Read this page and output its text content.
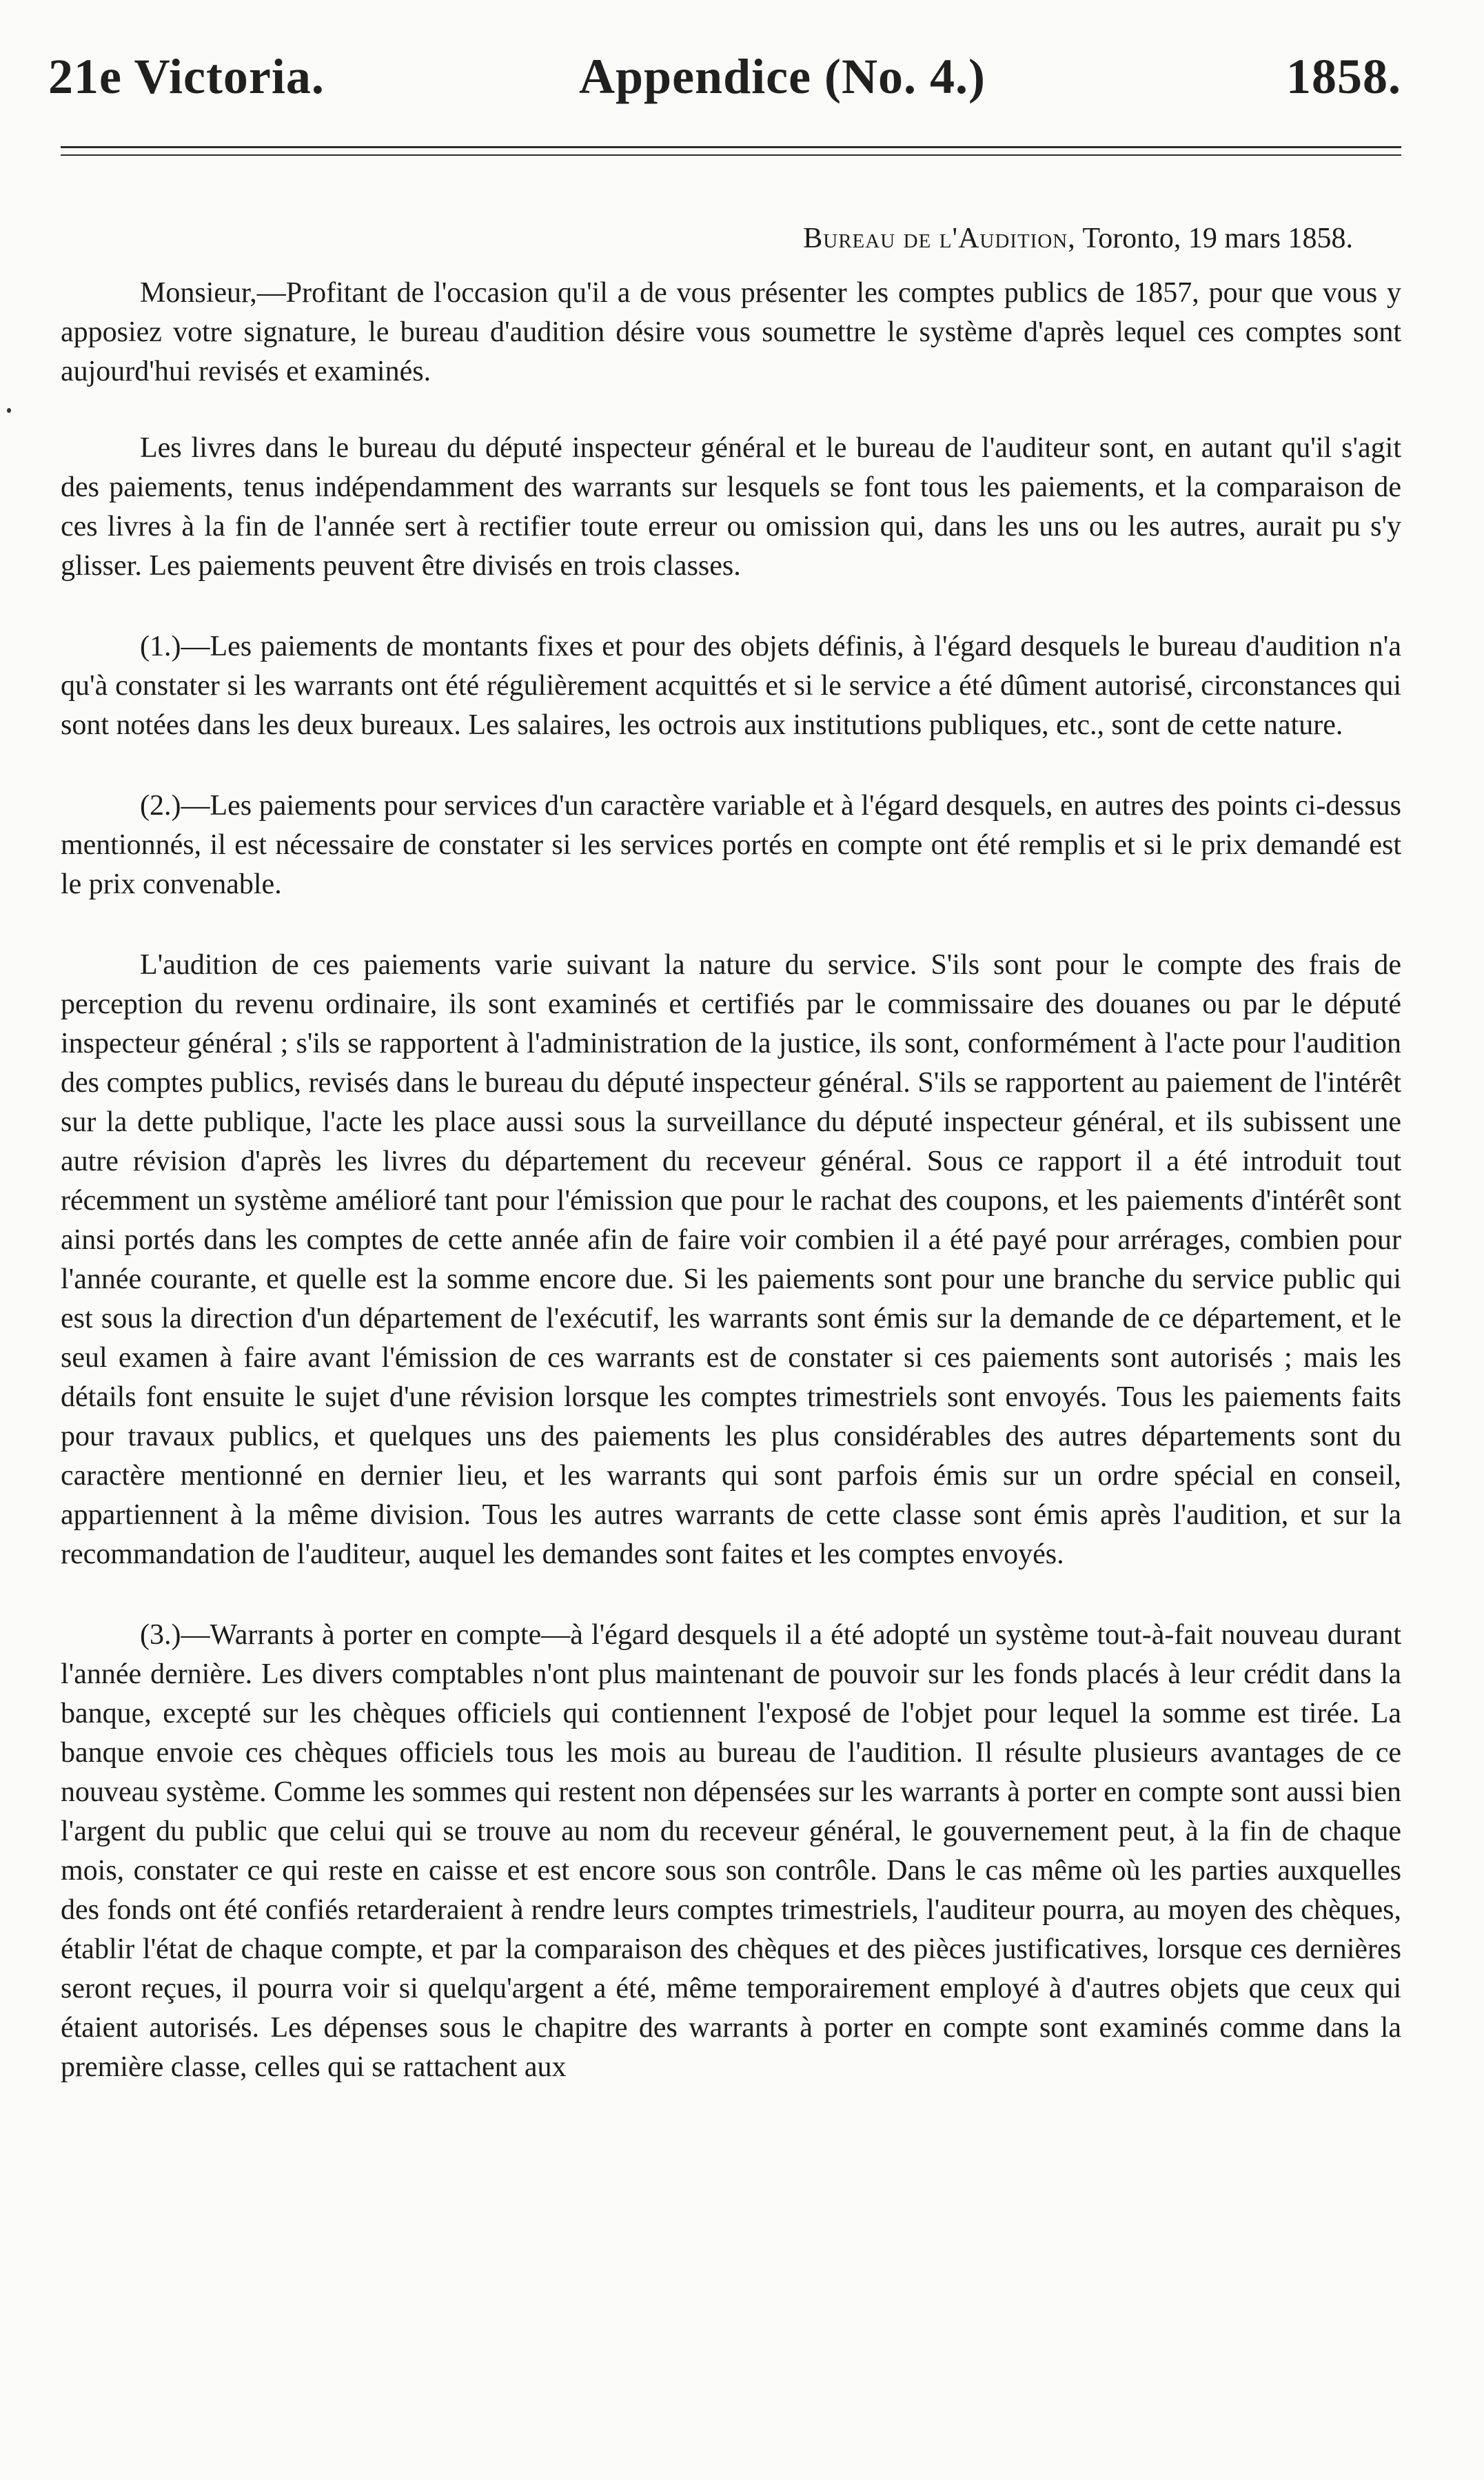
21e Victoria.	Appendice (No. 4.)	1858.
Bureau de l'Audition, Toronto, 19 mars 1858.

Monsieur,—Profitant de l'occasion qu'il a de vous présenter les comptes publics de 1857, pour que vous y apposiez votre signature, le bureau d'audition désire vous soumettre le système d'après lequel ces comptes sont aujourd'hui revisés et examinés.

Les livres dans le bureau du député inspecteur général et le bureau de l'auditeur sont, en autant qu'il s'agit des paiements, tenus indépendamment des warrants sur lesquels se font tous les paiements, et la comparaison de ces livres à la fin de l'année sert à rectifier toute erreur ou omission qui, dans les uns ou les autres, aurait pu s'y glisser. Les paiements peuvent être divisés en trois classes.

(1.)—Les paiements de montants fixes et pour des objets définis, à l'égard desquels le bureau d'audition n'a qu'à constater si les warrants ont été régulièrement acquittés et si le service a été dûment autorisé, circonstances qui sont notées dans les deux bureaux. Les salaires, les octrois aux institutions publiques, etc., sont de cette nature.

(2.)—Les paiements pour services d'un caractère variable et à l'égard desquels, en autres des points ci-dessus mentionnés, il est nécessaire de constater si les services portés en compte ont été remplis et si le prix demandé est le prix convenable.

L'audition de ces paiements varie suivant la nature du service. S'ils sont pour le compte des frais de perception du revenu ordinaire, ils sont examinés et certifiés par le commissaire des douanes ou par le député inspecteur général ; s'ils se rapportent à l'administration de la justice, ils sont, conformément à l'acte pour l'audition des comptes publics, revisés dans le bureau du député inspecteur général. S'ils se rapportent au paiement de l'intérêt sur la dette publique, l'acte les place aussi sous la surveillance du député inspecteur général, et ils subissent une autre révision d'après les livres du département du receveur général. Sous ce rapport il a été introduit tout récemment un système amélioré tant pour l'émission que pour le rachat des coupons, et les paiements d'intérêt sont ainsi portés dans les comptes de cette année afin de faire voir combien il a été payé pour arrérages, combien pour l'année courante, et quelle est la somme encore due. Si les paiements sont pour une branche du service public qui est sous la direction d'un département de l'exécutif, les warrants sont émis sur la demande de ce département, et le seul examen à faire avant l'émission de ces warrants est de constater si ces paiements sont autorisés ; mais les détails font ensuite le sujet d'une révision lorsque les comptes trimestriels sont envoyés. Tous les paiements faits pour travaux publics, et quelques uns des paiements les plus considérables des autres départements sont du caractère mentionné en dernier lieu, et les warrants qui sont parfois émis sur un ordre spécial en conseil, appartiennent à la même division. Tous les autres warrants de cette classe sont émis après l'audition, et sur la recommandation de l'auditeur, auquel les demandes sont faites et les comptes envoyés.

(3.)—Warrants à porter en compte—à l'égard desquels il a été adopté un système tout-à-fait nouveau durant l'année dernière. Les divers comptables n'ont plus maintenant de pouvoir sur les fonds placés à leur crédit dans la banque, excepté sur les chèques officiels qui contiennent l'exposé de l'objet pour lequel la somme est tirée. La banque envoie ces chèques officiels tous les mois au bureau de l'audition. Il résulte plusieurs avantages de ce nouveau système. Comme les sommes qui restent non dépensées sur les warrants à porter en compte sont aussi bien l'argent du public que celui qui se trouve au nom du receveur général, le gouvernement peut, à la fin de chaque mois, constater ce qui reste en caisse et est encore sous son contrôle. Dans le cas même où les parties auxquelles des fonds ont été confiés retarderaient à rendre leurs comptes trimestriels, l'auditeur pourra, au moyen des chèques, établir l'état de chaque compte, et par la comparaison des chèques et des pièces justificatives, lorsque ces dernières seront reçues, il pourra voir si quelqu'argent a été, même temporairement employé à d'autres objets que ceux qui étaient autorisés. Les dépenses sous le chapitre des warrants à porter en compte sont examinés comme dans la première classe, celles qui se rattachent aux
